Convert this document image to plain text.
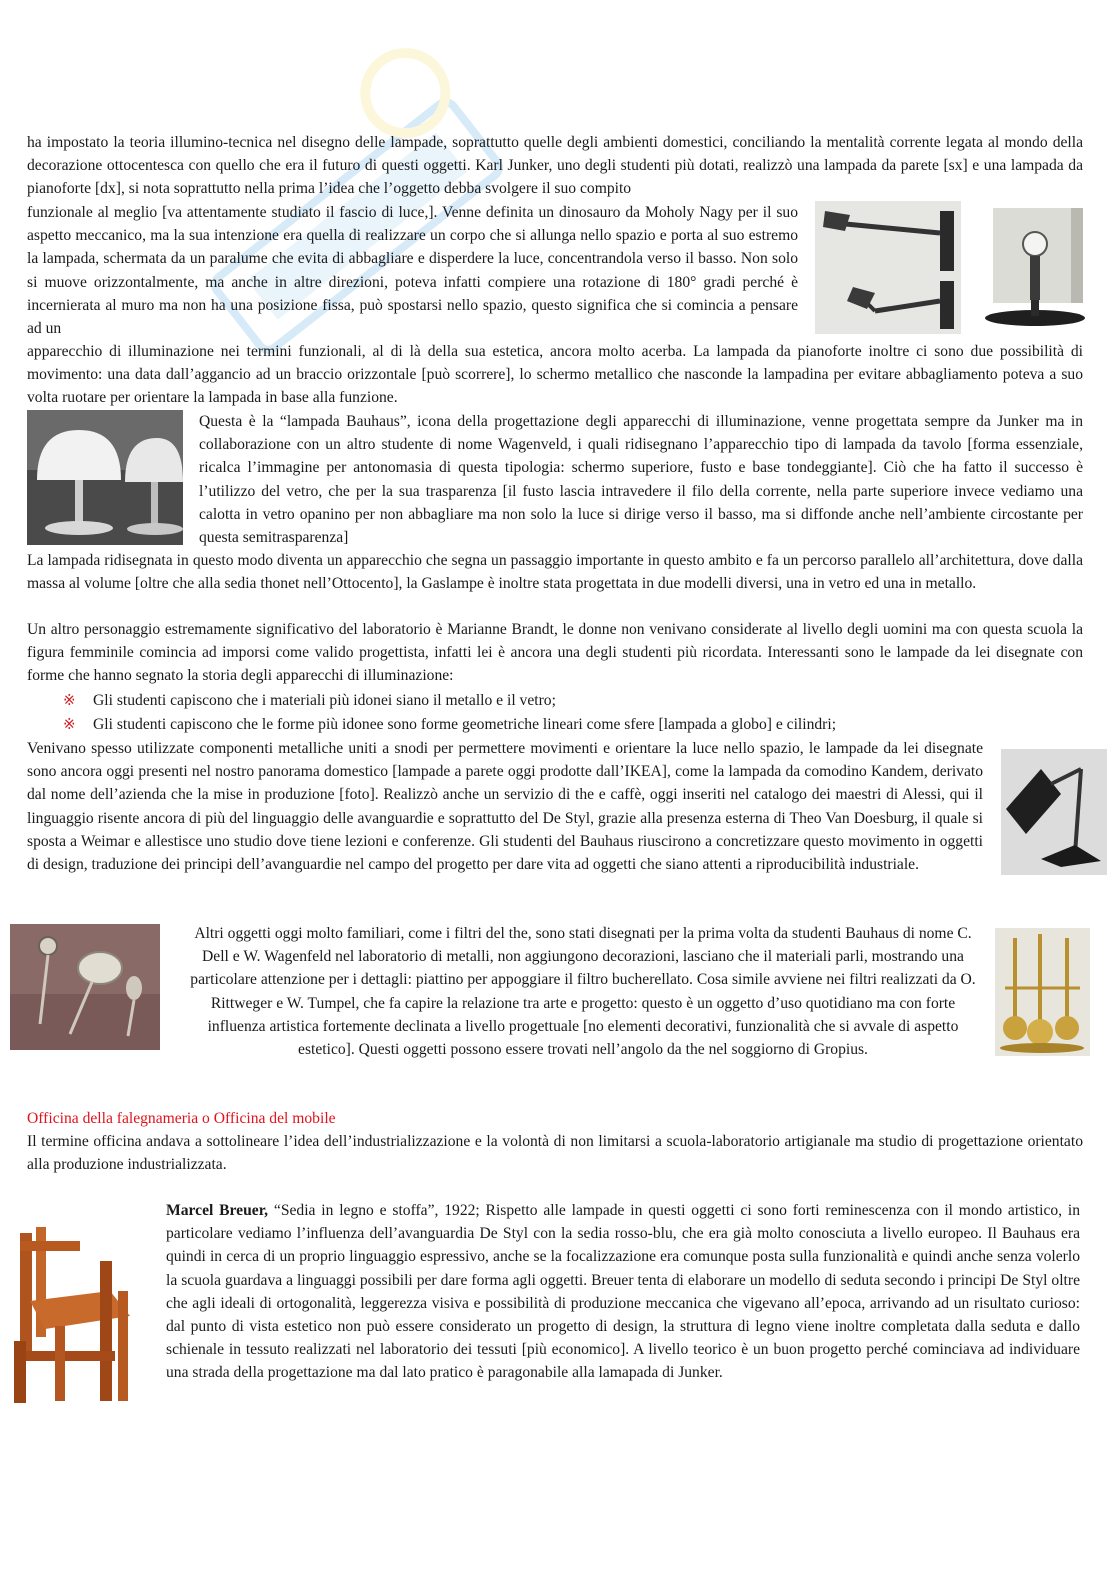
ha impostato la teoria illumino-tecnica nel disegno delle lampade, soprattutto quelle degli ambienti domestici, conciliando la mentalità corrente legata al mondo della decorazione ottocentesca con quello che era il futuro di questi oggetti. Karl Junker, uno degli studenti più dotati, realizzò una lampada da parete [sx] e una lampada da pianoforte [dx], si nota soprattutto nella prima l’idea che l’oggetto debba svolgere il suo compito

funzionale al meglio [va attentamente studiato il fascio di luce,]. Venne definita un dinosauro da Moholy Nagy per il suo aspetto meccanico, ma la sua intenzione era quella di realizzare un corpo che si allunga nello spazio e porta al suo estremo la lampada, schermata da un paralume che evita di abbagliare e disperdere la luce, concentrandola verso il basso. Non solo si muove orizzontalmente, ma anche in altre direzioni, poteva infatti compiere una rotazione di 180° gradi perché è incernierata al muro ma non ha una posizione fissa, può spostarsi nello spazio, questo significa che si comincia a pensare ad un

apparecchio di illuminazione nei termini funzionali, al di là della sua estetica, ancora molto acerba. La lampada da pianoforte inoltre ci sono due possibilità di movimento: una data dall’aggancio ad un braccio orizzontale [può scorrere], lo schermo metallico che nasconde la lampadina per evitare abbagliamento poteva a suo volta ruotare per orientare la lampada in base alla funzione.

Questa è la “lampada Bauhaus”, icona della progettazione degli apparecchi di illuminazione, venne progettata sempre da Junker ma in collaborazione con un altro studente di nome Wagenveld, i quali ridisegnano l’apparecchio tipo di lampada da tavolo [forma essenziale, ricalca l’immagine per antonomasia di questa tipologia: schermo superiore, fusto e base tondeggiante]. Ciò che ha fatto il successo è l’utilizzo del vetro, che per la sua trasparenza [il fusto lascia intravedere il filo della corrente, nella parte superiore invece vediamo una calotta in vetro opanino per non abbagliare ma non solo la luce si dirige verso il basso, ma si diffonde anche nell’ambiente circostante per questa semitrasparenza]

La lampada ridisegnata in questo modo diventa un apparecchio che segna un passaggio importante in questo ambito e fa un percorso parallelo all’architettura, dove dalla massa al volume [oltre che alla sedia thonet nell’Ottocento], la Gaslampe è inoltre stata progettata in due modelli diversi, una in vetro ed una in metallo.

Un altro personaggio estremamente significativo del laboratorio è Marianne Brandt, le donne non venivano considerate al livello degli uomini ma con questa scuola la figura femminile comincia ad imporsi come valido progettista, infatti lei è ancora una degli studenti più ricordata. Interessanti sono le lampade da lei disegnate con forme che hanno segnato la storia degli apparecchi di illuminazione:

※ Gli studenti capiscono che i materiali più idonei siano il metallo e il vetro;
※ Gli studenti capiscono che le forme più idonee sono forme geometriche lineari come sfere [lampada a globo] e cilindri;

Venivano spesso utilizzate componenti metalliche uniti a snodi per permettere movimenti e orientare la luce nello spazio, le lampade da lei disegnate sono ancora oggi presenti nel nostro panorama domestico [lampade a parete oggi prodotte dall’IKEA], come la lampada da comodino Kandem, derivato dal nome dell’azienda che la mise in produzione [foto]. Realizzò anche un servizio di the e caffè, oggi inseriti nel catalogo dei maestri di Alessi, qui il linguaggio risente ancora di più del linguaggio delle avanguardie e soprattutto del De Styl, grazie alla presenza esterna di Theo Van Doesburg, il quale si sposta a Weimar e allestisce uno studio dove tiene lezioni e conferenze. Gli studenti del Bauhaus riuscirono a concretizzare questo movimento in oggetti di design, traduzione dei principi dell’avanguardie nel campo del progetto per dare vita ad oggetti che siano attenti a riproducibilità industriale.

Altri oggetti oggi molto familiari, come i filtri del the, sono stati disegnati per la prima volta da studenti Bauhaus di nome C. Dell e W. Wagenfeld nel laboratorio di metalli, non aggiungono decorazioni, lasciano che il materiali parli, mostrando una particolare attenzione per i dettagli: piattino per appoggiare il filtro bucherellato. Cosa simile avviene nei filtri realizzati da O. Rittweger e W. Tumpel, che fa capire la relazione tra arte e progetto: questo è un oggetto d’uso quotidiano ma con forte influenza artistica fortemente declinata a livello progettuale [no elementi decorativi, funzionalità che si avvale di aspetto estetico]. Questi oggetti possono essere trovati nell’angolo da the nel soggiorno di Gropius.

Officina della falegnameria o Officina del mobile

Il termine officina andava a sottolineare l’idea dell’industrializzazione e la volontà di non limitarsi a scuola-laboratorio artigianale ma studio di progettazione orientato alla produzione industrializzata.

Marcel Breuer, “Sedia in legno e stoffa”, 1922; Rispetto alle lampade in questi oggetti ci sono forti reminescenza con il mondo artistico, in particolare vediamo l’influenza dell’avanguardia De Styl con la sedia rosso-blu, che era già molto conosciuta a livello europeo. Il Bauhaus era quindi in cerca di un proprio linguaggio espressivo, anche se la focalizzazione era comunque posta sulla funzionalità e quindi anche senza volerlo la scuola guardava a linguaggi possibili per dare forma agli oggetti. Breuer tenta di elaborare un modello di seduta secondo i principi De Styl oltre che agli ideali di ortogonalità, leggerezza visiva e possibilità di produzione meccanica che vigevano all’epoca, arrivando ad un risultato curioso: dal punto di vista estetico non può essere considerato un progetto di design, la struttura di legno viene inoltre completata dalla seduta e dallo schienale in tessuto realizzati nel laboratorio dei tessuti [più economico]. A livello teorico è un buon progetto perché cominciava ad individuare una strada della progettazione ma dal lato pratico è paragonabile alla lamapada di Junker.
